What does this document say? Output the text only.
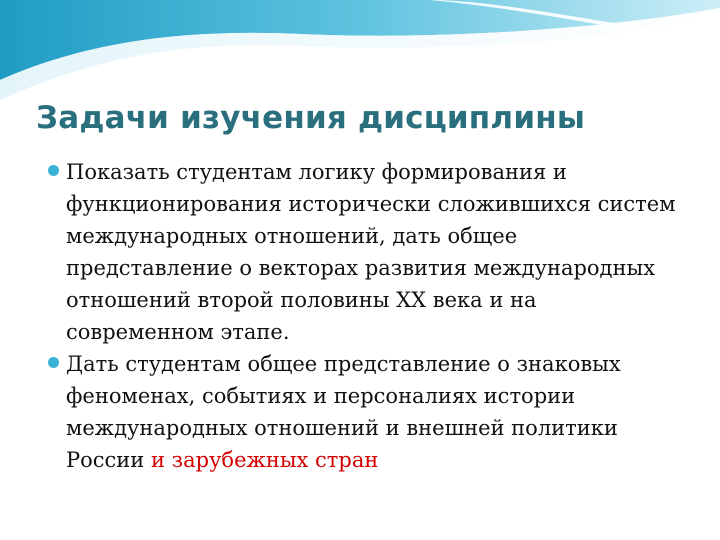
Задачи изучения дисциплины
Показать студентам логику формирования и функционирования исторически сложившихся систем международных отношений, дать общее представление о векторах развития международных отношений второй половины XX века и на современном этапе.
Дать студентам общее представление о знаковых феноменах, событиях и персоналиях истории международных отношений и внешней политики России и зарубежных стран
